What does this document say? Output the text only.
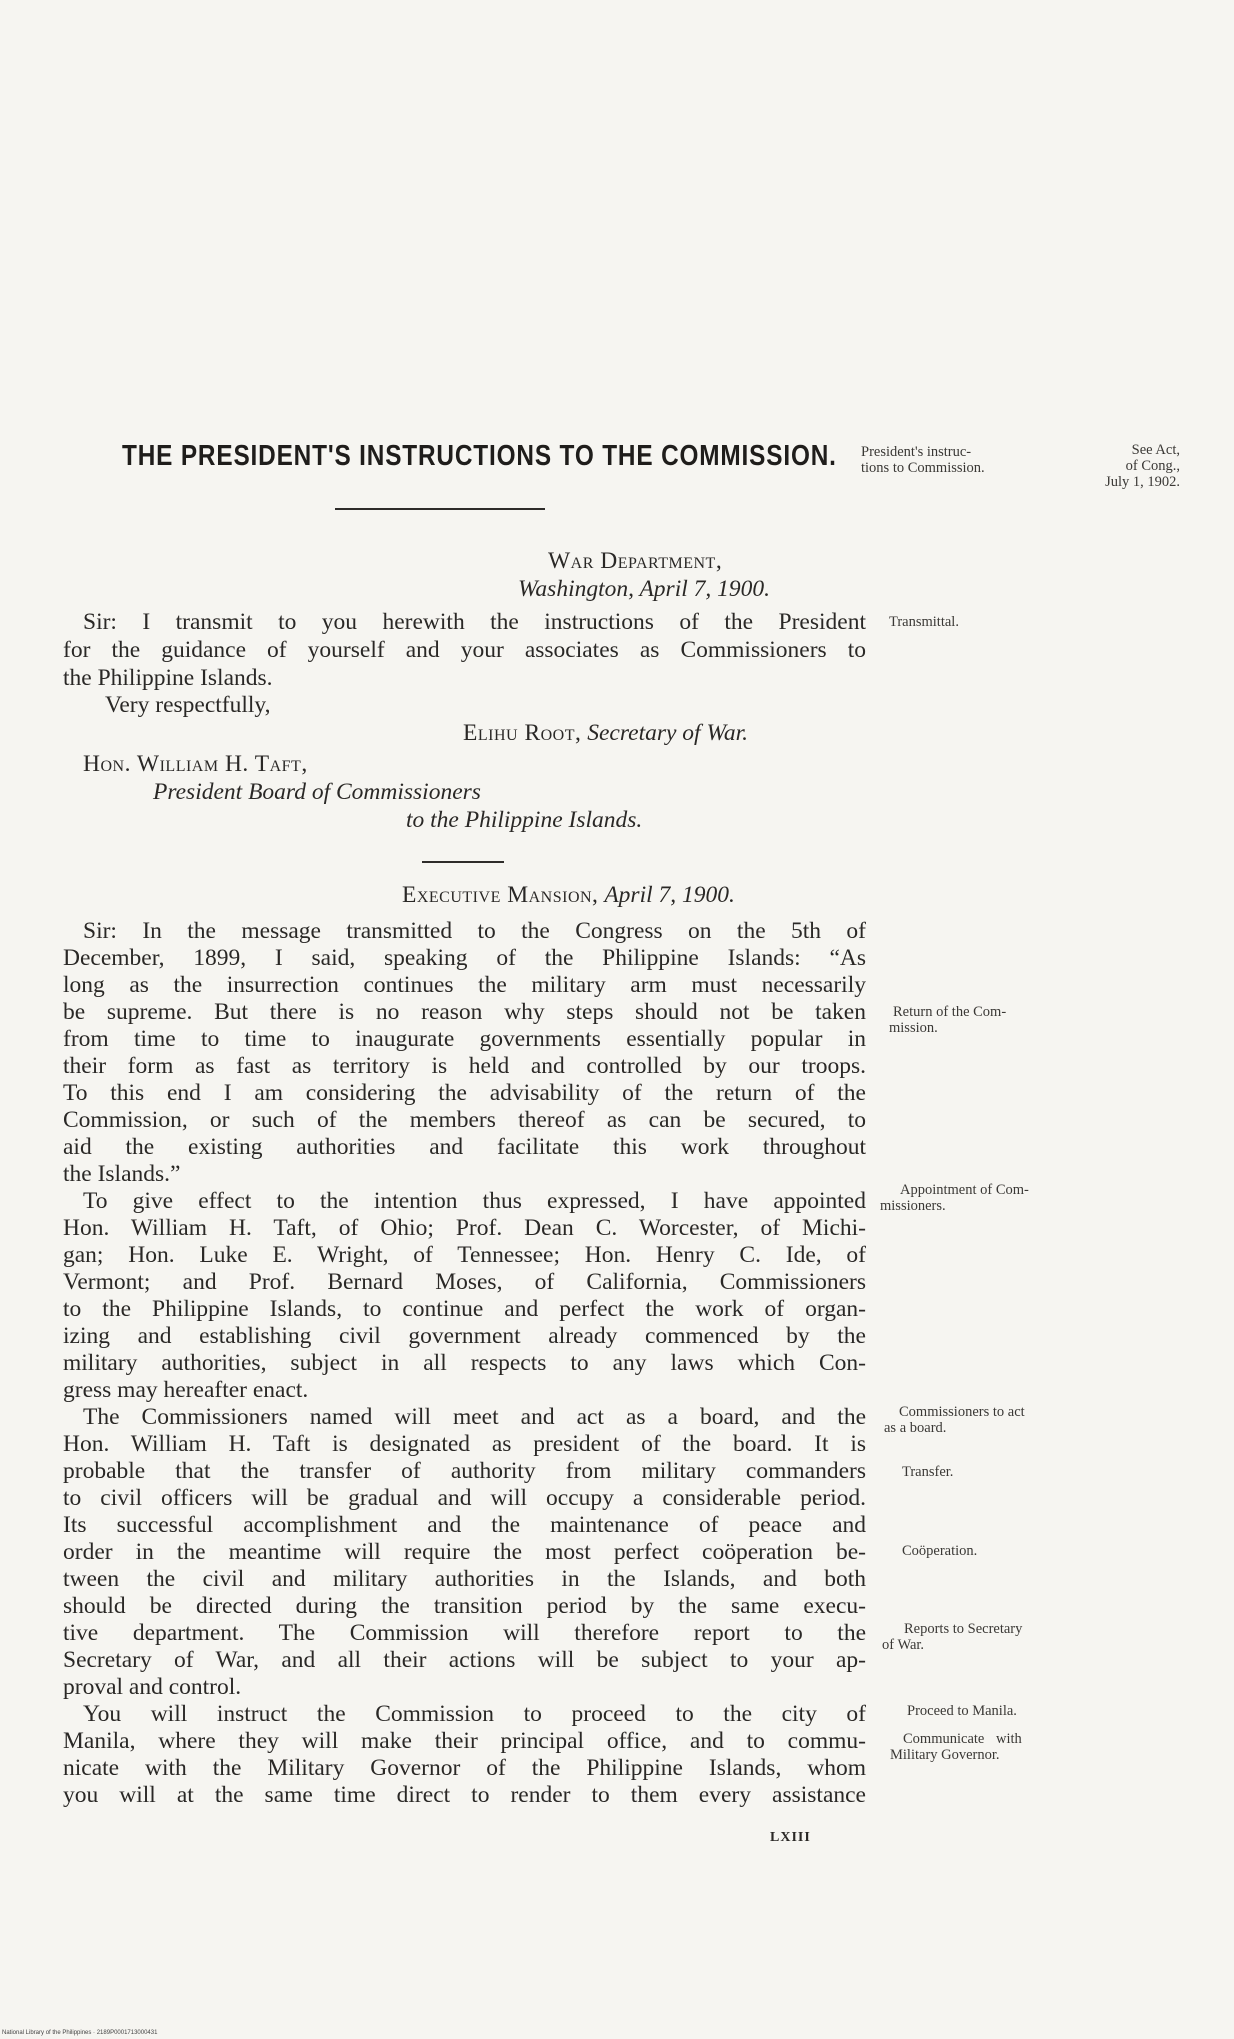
THE PRESIDENT'S INSTRUCTIONS TO THE COMMISSION. President's instruc-
tions to Commission.
See Act,
of Cong.,
July 1, 1902.
War Department,
Washington, April 7, 1900.
Sir: I transmit to you herewith the instructions of the President
for the guidance of yourself and your associates as Commissioners to
the Philippine Islands.
Very respectfully,
Elihu Root, Secretary of War.
Hon. William H. Taft,
President Board of Commissioners
to the Philippine Islands.
Transmittal.
Executive Mansion, April 7, 1900.
Sir: In the message transmitted to the Congress on the 5th of
December, 1899, I said, speaking of the Philippine Islands: “As
long as the insurrection continues the military arm must necessarily
be supreme. But there is no reason why steps should not be taken
from time to time to inaugurate governments essentially popular in
their form as fast as territory is held and controlled by our troops.
To this end I am considering the advisability of the return of the
Commission, or such of the members thereof as can be secured, to
aid the existing authorities and facilitate this work throughout
the Islands.”
To give effect to the intention thus expressed, I have appointed
Hon. William H. Taft, of Ohio; Prof. Dean C. Worcester, of Michi-
gan; Hon. Luke E. Wright, of Tennessee; Hon. Henry C. Ide, of
Vermont; and Prof. Bernard Moses, of California, Commissioners
to the Philippine Islands, to continue and perfect the work of organ-
izing and establishing civil government already commenced by the
military authorities, subject in all respects to any laws which Con-
gress may hereafter enact.
The Commissioners named will meet and act as a board, and the
Hon. William H. Taft is designated as president of the board. It is
probable that the transfer of authority from military commanders
to civil officers will be gradual and will occupy a considerable period.
Its successful accomplishment and the maintenance of peace and
order in the meantime will require the most perfect coöperation be-
tween the civil and military authorities in the Islands, and both
should be directed during the transition period by the same execu-
tive department. The Commission will therefore report to the
Secretary of War, and all their actions will be subject to your ap-
proval and control.
You will instruct the Commission to proceed to the city of
Manila, where they will make their principal office, and to commu-
nicate with the Military Governor of the Philippine Islands, whom
you will at the same time direct to render to them every assistance
Return of the Com-
mission.
Appointment of Com-
missioners.
Commissioners to act
as a board.
Transfer.
Coöperation.
Reports to Secretary
of War.
Proceed to Manila.
Communicate with
Military Governor.
LXIII
National Library of the Philippines · 2189P0001713000431
